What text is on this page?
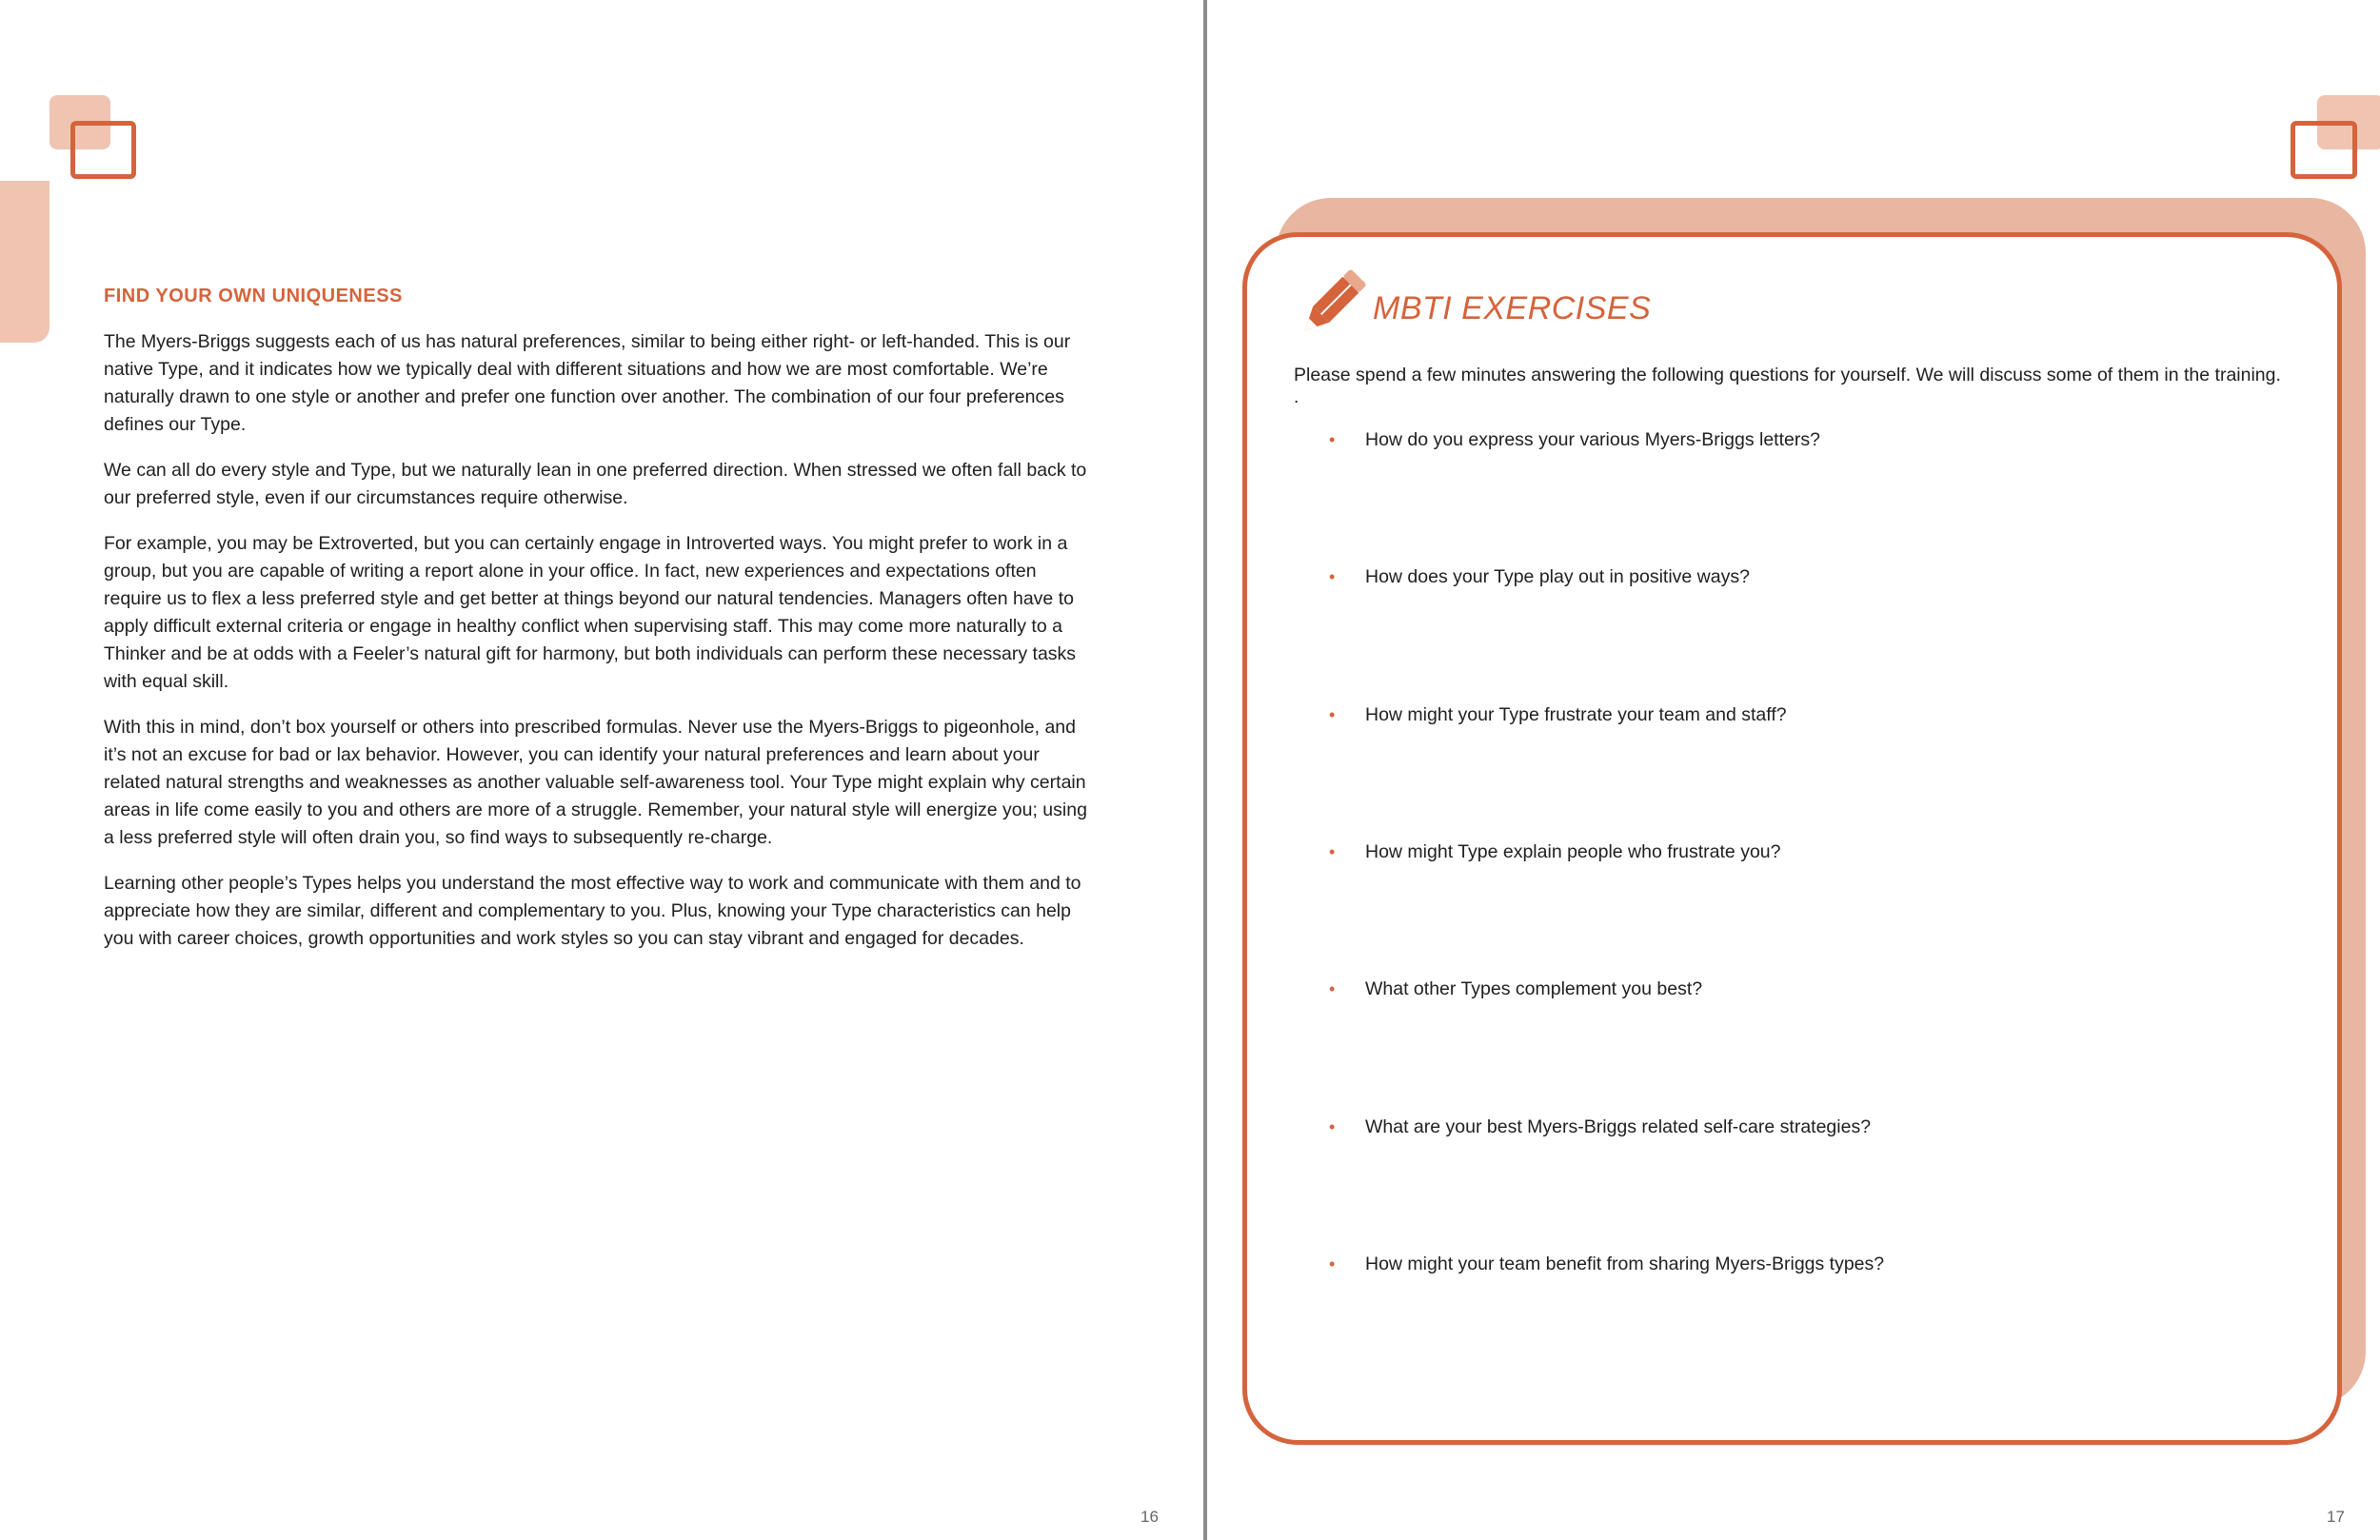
FIND YOUR OWN UNIQUENESS

The Myers-Briggs suggests each of us has natural preferences, similar to being either right- or left-handed. This is our native Type, and it indicates how we typically deal with different situations and how we are most comfortable. We’re naturally drawn to one style or another and prefer one function over another. The combination of our four preferences defines our Type.

We can all do every style and Type, but we naturally lean in one preferred direction. When stressed we often fall back to our preferred style, even if our circumstances require otherwise.

For example, you may be Extroverted, but you can certainly engage in Introverted ways. You might prefer to work in a group, but you are capable of writing a report alone in your office. In fact, new experiences and expectations often require us to flex a less preferred style and get better at things beyond our natural tendencies. Managers often have to apply difficult external criteria or engage in healthy conflict when supervising staff. This may come more naturally to a Thinker and be at odds with a Feeler’s natural gift for harmony, but both individuals can perform these necessary tasks with equal skill.

With this in mind, don’t box yourself or others into prescribed formulas. Never use the Myers-Briggs to pigeonhole, and it’s not an excuse for bad or lax behavior. However, you can identify your natural preferences and learn about your related natural strengths and weaknesses as another valuable self-awareness tool. Your Type might explain why certain areas in life come easily to you and others are more of a struggle. Remember, your natural style will energize you; using a less preferred style will often drain you, so find ways to subsequently re-charge.

Learning other people’s Types helps you understand the most effective way to work and communicate with them and to appreciate how they are similar, different and complementary to you. Plus, knowing your Type characteristics can help you with career choices, growth opportunities and work styles so you can stay vibrant and engaged for decades.

16	17
MBTI EXERCISES

Please spend a few minutes answering the following questions for yourself. We will discuss some of them in the training.

.
• How do you express your various Myers-Briggs letters?
• How does your Type play out in positive ways?
• How might your Type frustrate your team and staff?
• How might Type explain people who frustrate you?
• What other Types complement you best?
• What are your best Myers-Briggs related self-care strategies?
• How might your team benefit from sharing Myers-Briggs types?
